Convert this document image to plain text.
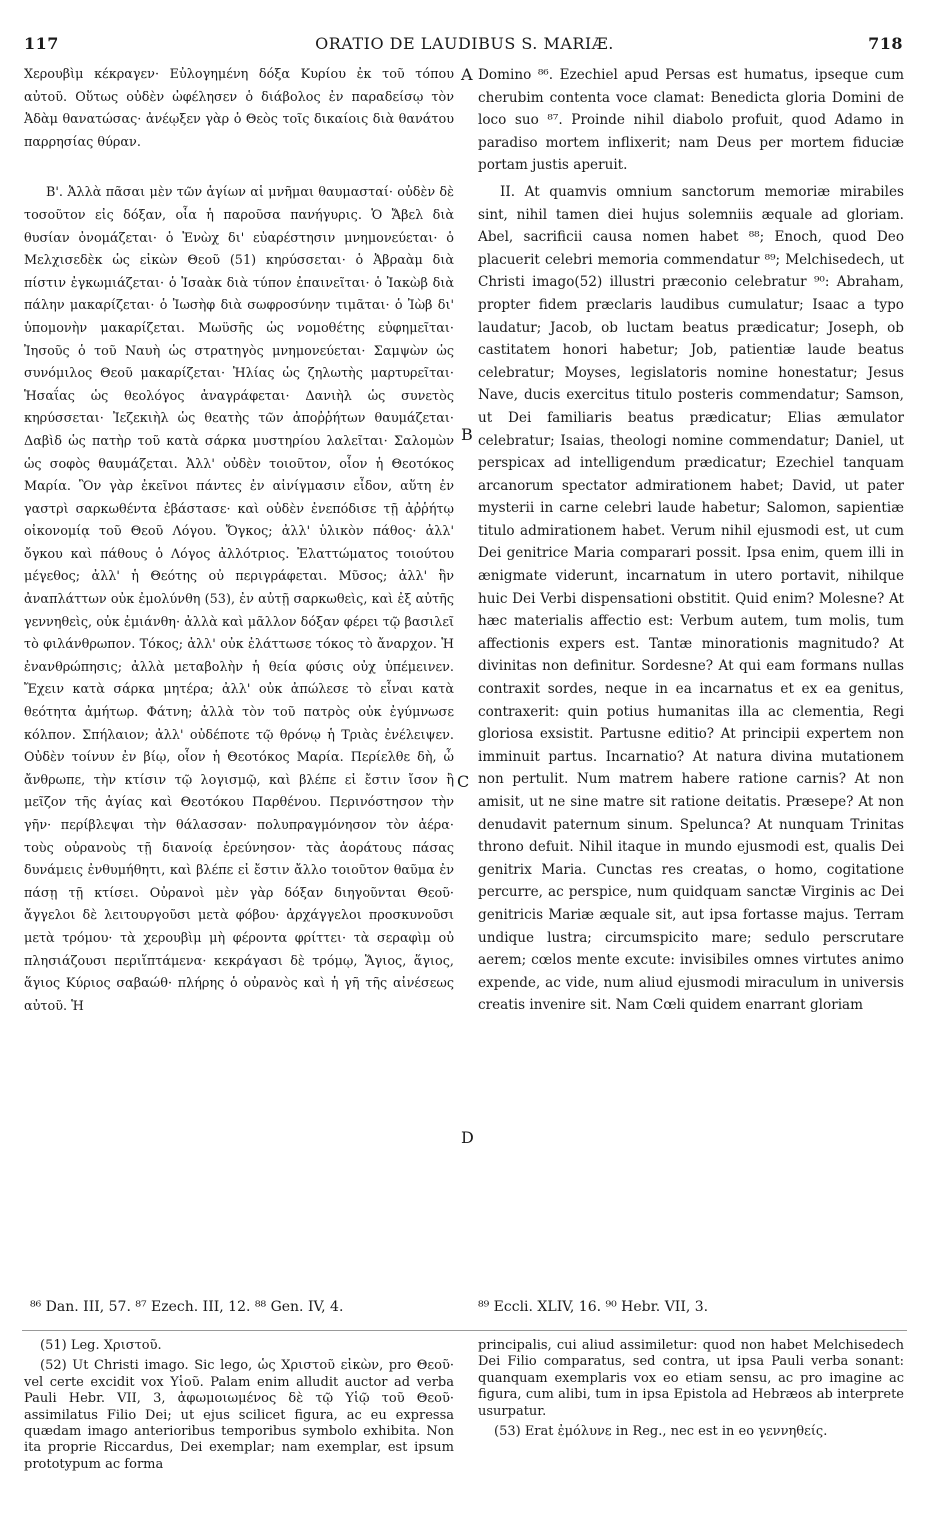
117	ORATIO DE LAUDIBUS S. MARIÆ.	718

Χερουβὶμ κέκραγεν· Εὐλογημένη δόξα Κυρίου ἐκ τοῦ τόπου αὐτοῦ. Οὕτως οὐδὲν ὠφέλησεν ὁ διάβολος ἐν παραδείσῳ τὸν Ἀδὰμ θανατώσας· ἀνέῳξεν γὰρ ὁ Θεὸς τοῖς δικαίοις διὰ θανάτου παρρησίας θύραν.

Β'. Ἀλλὰ πᾶσαι μὲν τῶν ἁγίων αἱ μνῆμαι θαυμασταί· οὐδὲν δὲ τοσοῦτον εἰς δόξαν, οἷα ἡ παροῦσα πανήγυρις. Ὁ Ἄβελ διὰ θυσίαν ὀνομάζεται· ὁ Ἐνὼχ δι' εὐαρέστησιν μνημονεύεται· ὁ Μελχισεδὲκ ὡς εἰκὼν Θεοῦ (51) κηρύσσεται· ὁ Ἀβραὰμ διὰ πίστιν ἐγκωμιάζεται· ὁ Ἰσαὰκ διὰ τύπον ἐπαινεῖται· ὁ Ἰακὼβ διὰ πάλην μακαρίζεται· ὁ Ἰωσὴφ διὰ σωφροσύνην τιμᾶται· ὁ Ἰὼβ δι' ὑπομονὴν μακαρίζεται. Μωϋσῆς ὡς νομοθέτης εὐφημεῖται· Ἰησοῦς ὁ τοῦ Ναυὴ ὡς στρατηγὸς μνημονεύεται· Σαμψὼν ὡς συνόμιλος Θεοῦ μακαρίζεται· Ἠλίας ὡς ζηλωτὴς μαρτυρεῖται· Ἡσαΐας ὡς θεολόγος ἀναγράφεται· Δανιὴλ ὡς συνετὸς κηρύσσεται· Ἰεζεκιὴλ ὡς θεατὴς τῶν ἀποῤῥήτων θαυμάζεται· Δαβὶδ ὡς πατὴρ τοῦ κατὰ σάρκα μυστηρίου λαλεῖται· Σαλομὼν ὡς σοφὸς θαυμάζεται. Ἀλλ' οὐδὲν τοιοῦτον, οἷον ἡ Θεοτόκος Μαρία. Ὃν γὰρ ἐκεῖνοι πάντες ἐν αἰνίγμασιν εἶδον, αὕτη ἐν γαστρὶ σαρκωθέντα ἐβάστασε· καὶ οὐδὲν ἐνεπόδισε τῇ ἀῤῥήτῳ οἰκονομίᾳ τοῦ Θεοῦ Λόγου. Ὄγκος; ἀλλ' ὑλικὸν πάθος· ἀλλ' ὄγκου καὶ πάθους ὁ Λόγος ἀλλότριος. Ἐλαττώματος τοιούτου μέγεθος; ἀλλ' ἡ Θεότης οὐ περιγράφεται. Μῦσος; ἀλλ' ἣν ἀναπλάττων οὐκ ἐμολύνθη (53), ἐν αὐτῇ σαρκωθεὶς, καὶ ἐξ αὐτῆς γεννηθεὶς, οὐκ ἐμιάνθη· ἀλλὰ καὶ μᾶλλον δόξαν φέρει τῷ βασιλεῖ τὸ φιλάνθρωπον. Τόκος; ἀλλ' οὐκ ἐλάττωσε τόκος τὸ ἄναρχον. Ἡ ἐνανθρώπησις; ἀλλὰ μεταβολὴν ἡ θεία φύσις οὐχ ὑπέμεινεν. Ἔχειν κατὰ σάρκα μητέρα; ἀλλ' οὐκ ἀπώλεσε τὸ εἶναι κατὰ θεότητα ἀμήτωρ. Φάτνη; ἀλλὰ τὸν τοῦ πατρὸς οὐκ ἐγύμνωσε κόλπον. Σπήλαιον; ἀλλ' οὐδέποτε τῷ θρόνῳ ἡ Τριὰς ἐνέλειψεν. Οὐδὲν τοίνυν ἐν βίῳ, οἷον ἡ Θεοτόκος Μαρία. Περίελθε δὴ, ὦ ἄνθρωπε, τὴν κτίσιν τῷ λογισμῷ, καὶ βλέπε εἰ ἔστιν ἴσον ἢ μεῖζον τῆς ἁγίας καὶ Θεοτόκου Παρθένου. Περινόστησον τὴν γῆν· περίβλεψαι τὴν θάλασσαν· πολυπραγμόνησον τὸν ἀέρα· τοὺς οὐρανοὺς τῇ διανοίᾳ ἐρεύνησον· τὰς ἀοράτους πάσας δυνάμεις ἐνθυμήθητι, καὶ βλέπε εἰ ἔστιν ἄλλο τοιοῦτον θαῦμα ἐν πάσῃ τῇ κτίσει. Οὐρανοὶ μὲν γὰρ δόξαν διηγοῦνται Θεοῦ· ἄγγελοι δὲ λειτουργοῦσι μετὰ φόβου· ἀρχάγγελοι προσκυνοῦσι μετὰ τρόμου· τὰ χερουβὶμ μὴ φέροντα φρίττει· τὰ σεραφὶμ οὐ πλησιάζουσι περιἵπτάμενα· κεκράγασι δὲ τρόμῳ, Ἅγιος, ἅγιος, ἅγιος Κύριος σαβαώθ· πλήρης ὁ οὐρανὸς καὶ ἡ γῆ τῆς αἰνέσεως αὐτοῦ. Ἡ

A
B
C
D

Domino ⁸⁶. Ezechiel apud Persas est humatus, ipseque cum cherubim contenta voce clamat: Benedicta gloria Domini de loco suo ⁸⁷. Proinde nihil diabolo profuit, quod Adamo in paradiso mortem inflixerit; nam Deus per mortem fiduciæ portam justis aperuit.

II. At quamvis omnium sanctorum memoriæ mirabiles sint, nihil tamen diei hujus solemniis æquale ad gloriam. Abel, sacrificii causa nomen habet ⁸⁸; Enoch, quod Deo placuerit celebri memoria commendatur ⁸⁹; Melchisedech, ut Christi imago(52) illustri præconio celebratur ⁹⁰: Abraham, propter fidem præclaris laudibus cumulatur; Isaac a typo laudatur; Jacob, ob luctam beatus prædicatur; Joseph, ob castitatem honori habetur; Job, patientiæ laude beatus celebratur; Moyses, legislatoris nomine honestatur; Jesus Nave, ducis exercitus titulo posteris commendatur; Samson, ut Dei familiaris beatus prædicatur; Elias æmulator celebratur; Isaias, theologi nomine commendatur; Daniel, ut perspicax ad intelligendum prædicatur; Ezechiel tanquam arcanorum spectator admirationem habet; David, ut pater mysterii in carne celebri laude habetur; Salomon, sapientiæ titulo admirationem habet. Verum nihil ejusmodi est, ut cum Dei genitrice Maria comparari possit. Ipsa enim, quem illi in ænigmate viderunt, incarnatum in utero portavit, nihilque huic Dei Verbi dispensationi obstitit. Quid enim? Molesne? At hæc materialis affectio est: Verbum autem, tum molis, tum affectionis expers est. Tantæ minorationis magnitudo? At divinitas non definitur. Sordesne? At qui eam formans nullas contraxit sordes, neque in ea incarnatus et ex ea genitus, contraxerit: quin potius humanitas illa ac clementia, Regi gloriosa exsistit. Partusne editio? At principii expertem non imminuit partus. Incarnatio? At natura divina mutationem non pertulit. Num matrem habere ratione carnis? At non amisit, ut ne sine matre sit ratione deitatis. Præsepe? At non denudavit paternum sinum. Spelunca? At nunquam Trinitas throno defuit. Nihil itaque in mundo ejusmodi est, qualis Dei genitrix Maria. Cunctas res creatas, o homo, cogitatione percurre, ac perspice, num quidquam sanctæ Virginis ac Dei genitricis Mariæ æquale sit, aut ipsa fortasse majus. Terram undique lustra; circumspicito mare; sedulo perscrutare aerem; cœlos mente excute: invisibiles omnes virtutes animo expende, ac vide, num aliud ejusmodi miraculum in universis creatis invenire sit. Nam Cœli quidem enarrant gloriam

⁸⁶ Dan. III, 57. ⁸⁷ Ezech. III, 12. ⁸⁸ Gen. IV, 4.	⁸⁹ Eccli. XLIV, 16. ⁹⁰ Hebr. VII, 3.

(51) Leg. Χριστοῦ.

(52) Ut Christi imago. Sic lego, ὡς Χριστοῦ εἰκὼν, pro Θεοῦ· vel certe excidit vox Υἱοῦ. Palam enim alludit auctor ad verba Pauli Hebr. VII, 3, ἀφωμοιωμένος δὲ τῷ Υἱῷ τοῦ Θεοῦ· assimilatus Filio Dei; ut ejus scilicet figura, ac eu expressa quædam imago anterioribus temporibus symbolo exhibita. Non ita proprie Riccardus, Dei exemplar; nam exemplar, est ipsum prototypum ac forma

principalis, cui aliud assimiletur: quod non habet Melchisedech Dei Filio comparatus, sed contra, ut ipsa Pauli verba sonant: quanquam exemplaris vox eo etiam sensu, ac pro imagine ac figura, cum alibi, tum in ipsa Epistola ad Hebræos ab interprete usurpatur.

(53) Erat ἐμόλυνε in Reg., nec est in eo γεννηθείς.
